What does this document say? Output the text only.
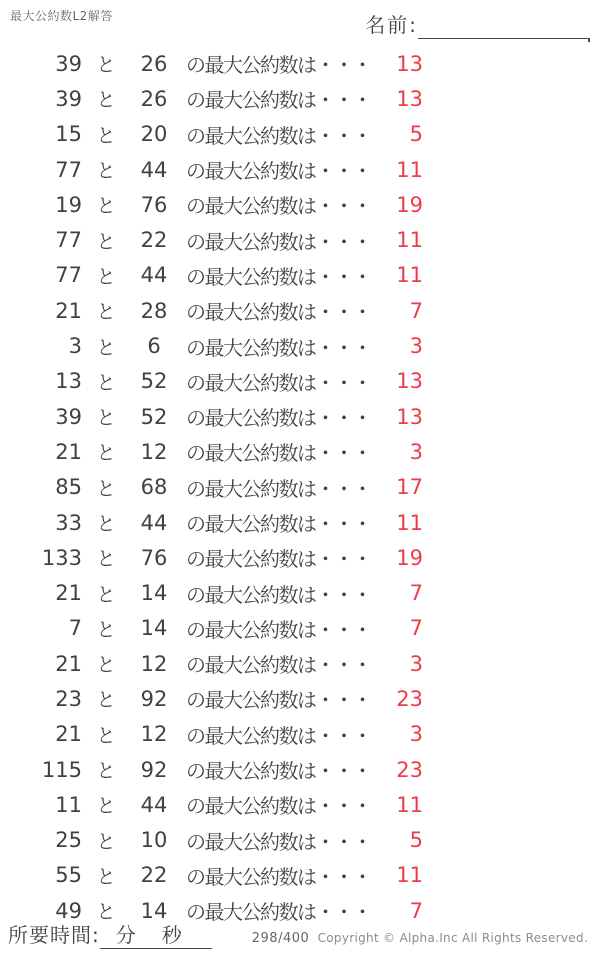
最大公約数L2解答	名前:
39 と	26 の最大公約数は・・・	13
39 と	26 の最大公約数は・・・	13
15 と	20 の最大公約数は・・・	5
77 と	44 の最大公約数は・・・	11
19 と	76 の最大公約数は・・・	19
77 と	22 の最大公約数は・・・	11
77 と	44 の最大公約数は・・・	11
21 と	28 の最大公約数は・・・	7
3 と	6	の最大公約数は・・・	3
13 と	52 の最大公約数は・・・	13
39 と	52 の最大公約数は・・・	13
21 と	12 の最大公約数は・・・	3
85 と	68 の最大公約数は・・・	17
33 と	44 の最大公約数は・・・	11
133 と	76 の最大公約数は・・・	19
21 と	14 の最大公約数は・・・	7
7 と	14 の最大公約数は・・・	7
21 と	12 の最大公約数は・・・	3
23 と	92 の最大公約数は・・・	23
21 と	12 の最大公約数は・・・	3
115 と	92 の最大公約数は・・・	23
11 と	44 の最大公約数は・・・	11
25 と	10 の最大公約数は・・・	5
55 と	22 の最大公約数は・・・	11
49 と	14 の最大公約数は・・・	7
所要時間: 分 秒	298/400 Copyright © Alpha.Inc All Rights Reserved.
